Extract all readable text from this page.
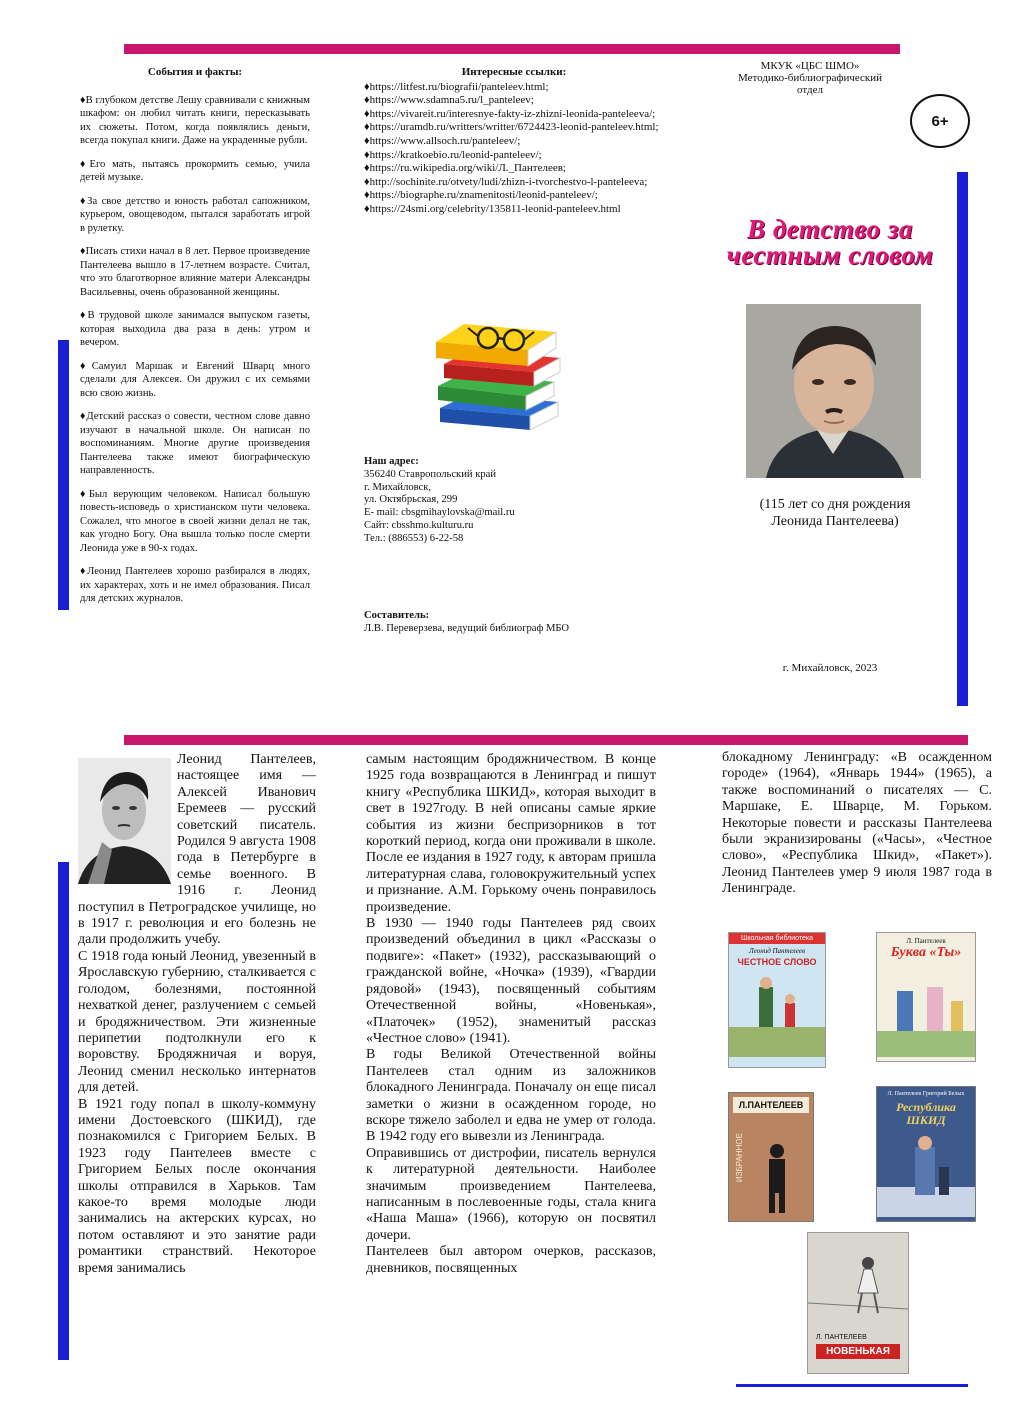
События и факты:

♦В глубоком детстве Лешу сравнивали с книжным шкафом: он любил читать книги, пересказывать их сюжеты. Потом, когда появлялись деньги, всегда покупал книги. Даже на украденные рубли.

♦Его мать, пытаясь прокормить семью, учила детей музыке.

♦За свое детство и юность работал сапожником, курьером, овощеводом, пытался заработать игрой в рулетку.

♦Писать стихи начал в 8 лет. Первое произведение Пантелеева вышло в 17-летнем возрасте. Считал, что это благотворное влияние матери Александры Васильевны, очень образованной женщины.

♦В трудовой школе занимался выпуском газеты, которая выходила два раза в день: утром и вечером.

♦Самуил Маршак и Евгений Шварц много сделали для Алексея. Он дружил с их семьями всю свою жизнь.

♦Детский рассказ о совести, честном слове давно изучают в начальной школе. Он написан по воспоминаниям. Многие другие произведения Пантелеева также имеют биографическую направленность.

♦Был верующим человеком. Написал большую повесть-исповедь о христианском пути человека. Сожалел, что многое в своей жизни делал не так, как угодно Богу. Она вышла только после смерти Леонида уже в 90-х годах.

♦Леонид Пантелеев хорошо разбирался в людях, их характерах, хоть и не имел образования. Писал для детских журналов.

Интересные ссылки:
♦https://litfest.ru/biografii/panteleev.html;
♦https://www.sdamna5.ru/l_panteleev;
♦https://vivareit.ru/interesnye-fakty-iz-zhizni-leonida-panteleeva/;
♦https://uramdb.ru/writters/writter/6724423-leonid-panteleev.html;
♦https://www.allsoch.ru/panteleev/;
♦https://kratkoebio.ru/leonid-panteleev/;
♦https://ru.wikipedia.org/wiki/Л._Пантелеев;
♦http://sochinite.ru/otvety/ludi/zhizn-i-tvorchestvo-l-panteleeva;
♦https://biographe.ru/znamenitosti/leonid-panteleev/;
♦https://24smi.org/celebrity/135811-leonid-panteleev.html
Наш адрес:
356240 Ставропольский край
г. Михайловск,
ул. Октябрьская, 299
E- mail: cbsgmihaylovska@mail.ru
Сайт: cbsshmo.kulturu.ru
Тел.: (886553) 6-22-58
Составитель:
Л.В. Переверзева, ведущий библиограф МБО
МКУК «ЦБС ШМО»
Методико-библиографический
отдел
6+
В детство за
честным словом
(115 лет со дня рождения
Леонида Пантелеева)
г. Михайловск, 2023

Леонид Пантелеев, настоящее имя — Алексей Иванович Еремеев — русский советский писатель. Родился 9 августа 1908 года в Петербурге в семье военного. В 1916 г. Леонид поступил в Петроградское училище, но в 1917 г. революция и его болезнь не дали продолжить учебу.

С 1918 года юный Леонид, увезенный в Ярославскую губернию, сталкивается с голодом, болезнями, постоянной нехваткой денег, разлучением с семьей и бродяжничеством. Эти жизненные перипетии подтолкнули его к воровству. Бродяжничая и воруя, Леонид сменил несколько интернатов для детей.

В 1921 году попал в школу-коммуну имени Достоевского (ШКИД), где познакомился с Григорием Белых. В 1923 году Пантелеев вместе с Григорием Белых после окончания школы отправился в Харьков. Там какое-то время молодые люди занимались на актерских курсах, но потом оставляют и это занятие ради романтики странствий. Некоторое время занимались

самым настоящим бродяжничеством. В конце 1925 года возвращаются в Ленинград и пишут книгу «Республика ШКИД», которая выходит в свет в 1927году. В ней описаны самые яркие события из жизни беспризорников в тот короткий период, когда они проживали в школе. После ее издания в 1927 году, к авторам пришла литературная слава, головокружительный успех и признание. А.М. Горькому очень понравилось произведение.

В 1930 — 1940 годы Пантелеев ряд своих произведений объединил в цикл «Рассказы о подвиге»: «Пакет» (1932), рассказывающий о гражданской войне, «Ночка» (1939), «Гвардии рядовой» (1943), посвященный событиям Отечественной войны, «Новенькая», «Платочек» (1952), знаменитый рассказ «Честное слово» (1941).

В годы Великой Отечественной войны Пантелеев стал одним из заложников блокадного Ленинграда. Поначалу он еще писал заметки о жизни в осажденном городе, но вскоре тяжело заболел и едва не умер от голода. В 1942 году его вывезли из Ленинграда.

Оправившись от дистрофии, писатель вернулся к литературной деятельности. Наиболее значимым произведением Пантелеева, написанным в послевоенные годы, стала книга «Наша Маша» (1966), которую он посвятил дочери.

Пантелеев был автором очерков, рассказов, дневников, посвященных

блокадному Ленинграду: «В осажденном городе» (1964), «Январь 1944» (1965), а также воспоминаний о писателях — С. Маршаке, Е. Шварце, М. Горьком. Некоторые повести и рассказы Пантелеева были экранизированы («Часы», «Честное слово», «Республика Шкид», «Пакет»). Леонид Пантелеев умер 9 июля 1987 года в Ленинграде.

Школьная библиотека
Леонид Пантелеев
ЧЕСТНОЕ СЛОВО
Л. Пантелеев
Буква «Ты»
Л.ПАНТЕЛЕЕВ
ИЗБРАННОЕ
Л. Пантелеев Григорий Белых
Республика ШКИД
Л. ПАНТЕЛЕЕВ
НОВЕНЬКАЯ
